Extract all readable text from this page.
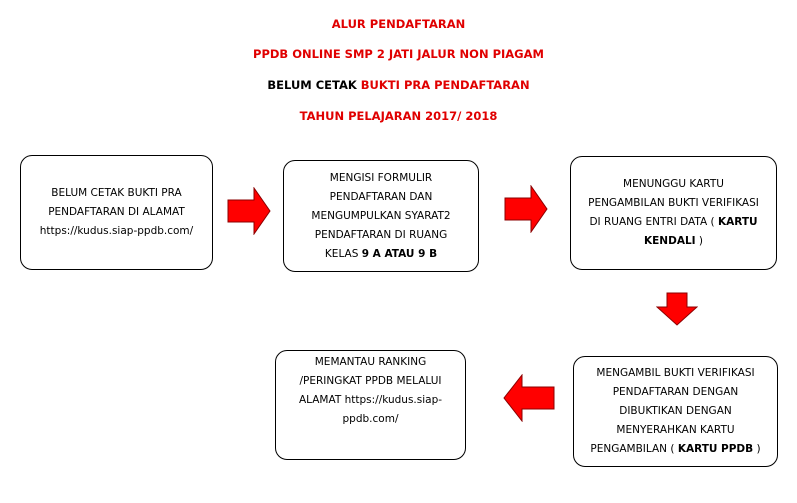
ALUR PENDAFTARAN
PPDB ONLINE SMP 2 JATI JALUR NON PIAGAM
BELUM CETAK BUKTI PRA PENDAFTARAN
TAHUN PELAJARAN 2017/ 2018
BELUM CETAK BUKTI PRA
PENDAFTARAN DI ALAMAT
https://kudus.siap-ppdb.com/
MENGISI FORMULIR
PENDAFTARAN DAN
MENGUMPULKAN SYARAT2
PENDAFTARAN DI RUANG
KELAS 9 A ATAU 9 B
MENUNGGU KARTU
PENGAMBILAN BUKTI VERIFIKASI
DI RUANG ENTRI DATA ( KARTU
KENDALI )
MENGAMBIL BUKTI VERIFIKASI
PENDAFTARAN DENGAN
DIBUKTIKAN DENGAN
MENYERAHKAN KARTU
PENGAMBILAN ( KARTU PPDB )
MEMANTAU RANKING
/PERINGKAT PPDB MELALUI
ALAMAT https://kudus.siap-
ppdb.com/
